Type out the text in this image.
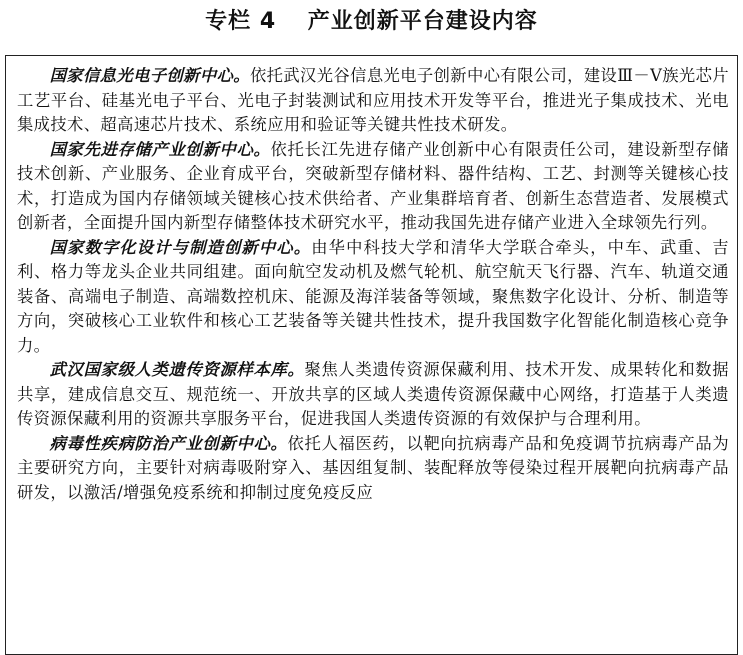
专栏 4　 产业创新平台建设内容

国家信息光电子创新中心。依托武汉光谷信息光电子创新中心有限公司，建设Ⅲ－Ⅴ族光芯片工艺平台、硅基光电子平台、光电子封装测试和应用技术开发等平台，推进光子集成技术、光电集成技术、超高速芯片技术、系统应用和验证等关键共性技术研发。

国家先进存储产业创新中心。依托长江先进存储产业创新中心有限责任公司，建设新型存储技术创新、产业服务、企业育成平台，突破新型存储材料、器件结构、工艺、封测等关键核心技术，打造成为国内存储领域关键核心技术供给者、产业集群培育者、创新生态营造者、发展模式创新者，全面提升国内新型存储整体技术研究水平，推动我国先进存储产业进入全球领先行列。

国家数字化设计与制造创新中心。由华中科技大学和清华大学联合牵头，中车、武重、吉利、格力等龙头企业共同组建。面向航空发动机及燃气轮机、航空航天飞行器、汽车、轨道交通装备、高端电子制造、高端数控机床、能源及海洋装备等领域，聚焦数字化设计、分析、制造等方向，突破核心工业软件和核心工艺装备等关键共性技术，提升我国数字化智能化制造核心竞争力。

武汉国家级人类遗传资源样本库。聚焦人类遗传资源保藏利用、技术开发、成果转化和数据共享，建成信息交互、规范统一、开放共享的区域人类遗传资源保藏中心网络，打造基于人类遗传资源保藏利用的资源共享服务平台，促进我国人类遗传资源的有效保护与合理利用。

病毒性疾病防治产业创新中心。依托人福医药，以靶向抗病毒产品和免疫调节抗病毒产品为主要研究方向，主要针对病毒吸附穿入、基因组复制、装配释放等侵染过程开展靶向抗病毒产品研发，以激活/增强免疫系统和抑制过度免疫反应
